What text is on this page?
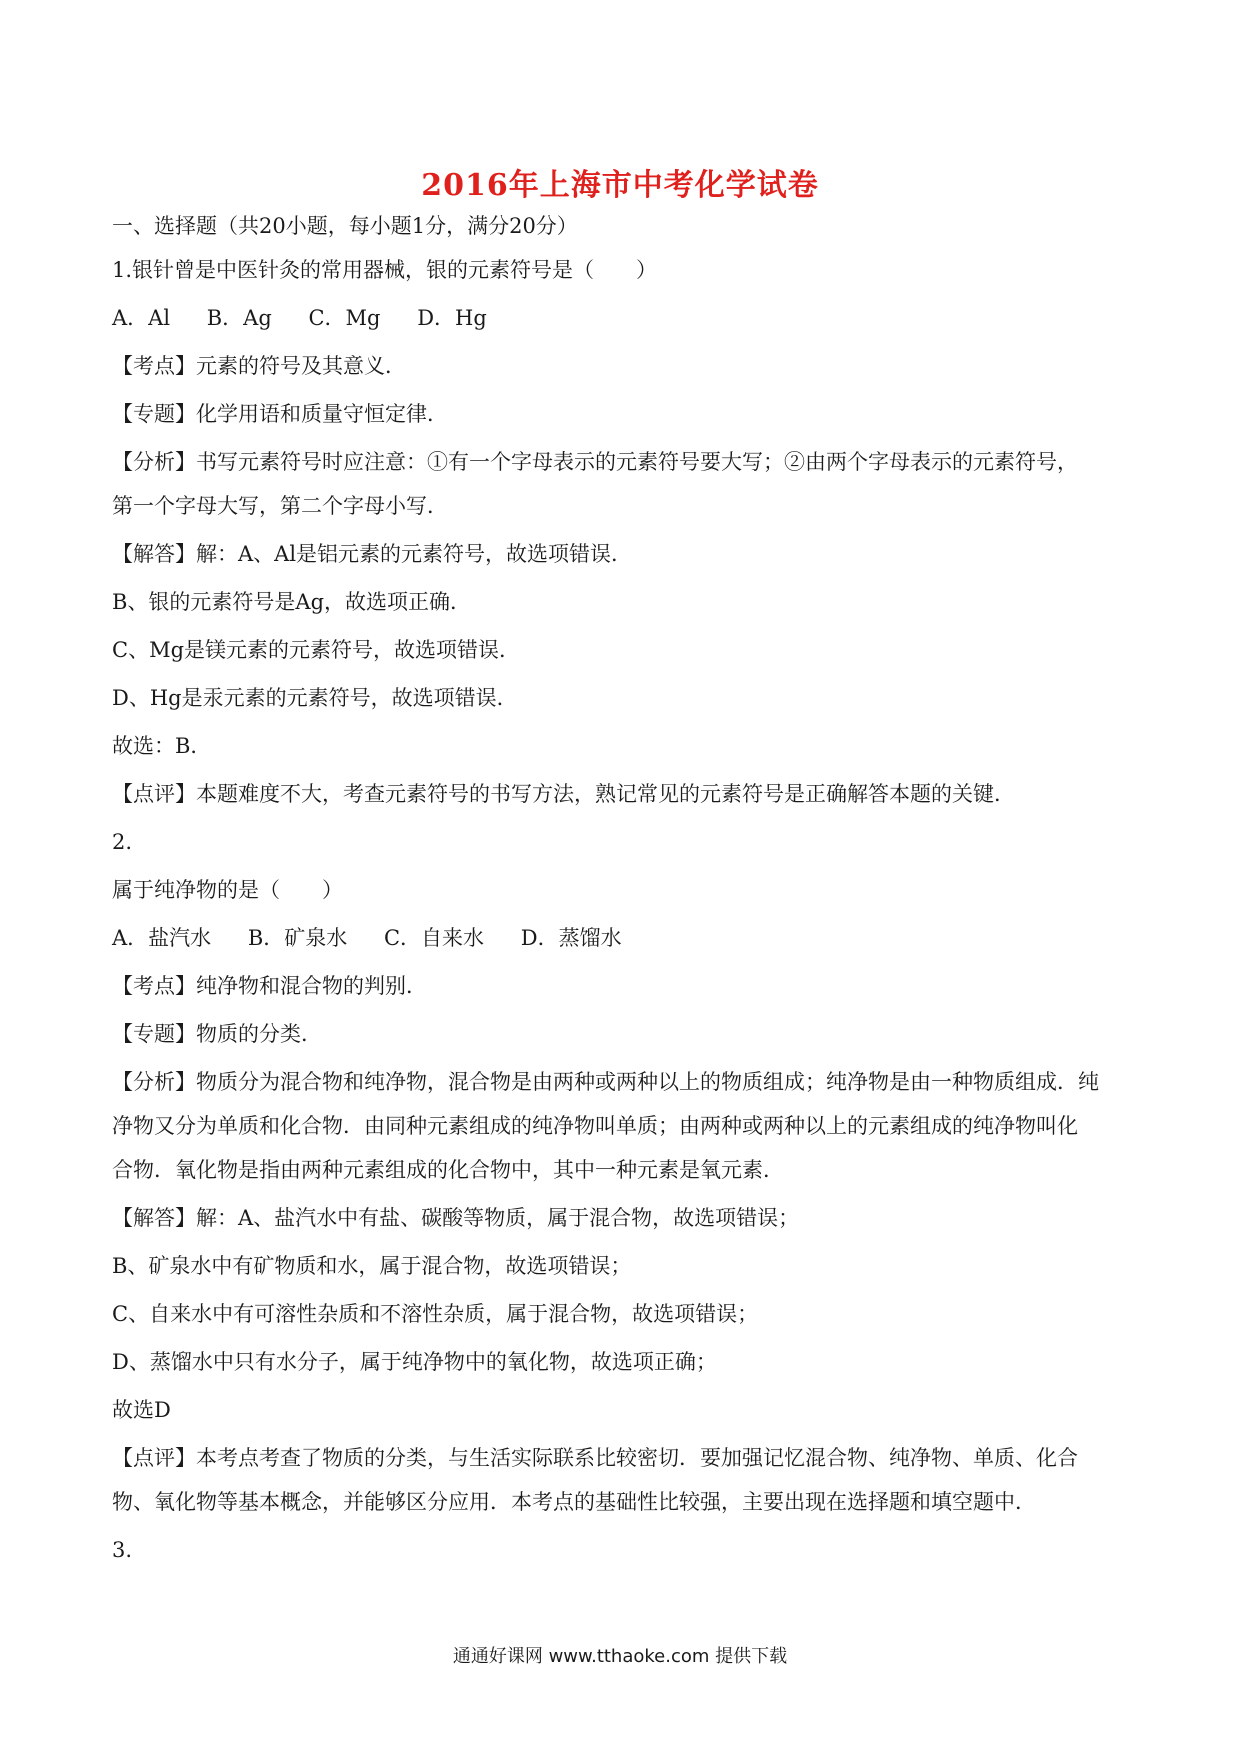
2016年上海市中考化学试卷

一、选择题（共20小题，每小题1分，满分20分）

1.银针曾是中医针灸的常用器械，银的元素符号是（　　）

A．Al B．Ag C．Mg D．Hg

【考点】元素的符号及其意义．

【专题】化学用语和质量守恒定律．

【分析】书写元素符号时应注意：①有一个字母表示的元素符号要大写；②由两个字母表示的元素符号，

第一个字母大写，第二个字母小写．

【解答】解：A、Al是铝元素的元素符号，故选项错误．

B、银的元素符号是Ag，故选项正确．

C、Mg是镁元素的元素符号，故选项错误．

D、Hg是汞元素的元素符号，故选项错误．

故选：B．

【点评】本题难度不大，考查元素符号的书写方法，熟记常见的元素符号是正确解答本题的关键．

2.

属于纯净物的是（　　）

A．盐汽水 B．矿泉水 C．自来水 D．蒸馏水

【考点】纯净物和混合物的判别．

【专题】物质的分类．

【分析】物质分为混合物和纯净物，混合物是由两种或两种以上的物质组成；纯净物是由一种物质组成．纯

净物又分为单质和化合物．由同种元素组成的纯净物叫单质；由两种或两种以上的元素组成的纯净物叫化

合物．氧化物是指由两种元素组成的化合物中，其中一种元素是氧元素．

【解答】解：A、盐汽水中有盐、碳酸等物质，属于混合物，故选项错误；

B、矿泉水中有矿物质和水，属于混合物，故选项错误；

C、自来水中有可溶性杂质和不溶性杂质，属于混合物，故选项错误；

D、蒸馏水中只有水分子，属于纯净物中的氧化物，故选项正确；

故选D

【点评】本考点考查了物质的分类，与生活实际联系比较密切．要加强记忆混合物、纯净物、单质、化合

物、氧化物等基本概念，并能够区分应用．本考点的基础性比较强，主要出现在选择题和填空题中．

3.

通通好课网 www.tthaoke.com 提供下载
